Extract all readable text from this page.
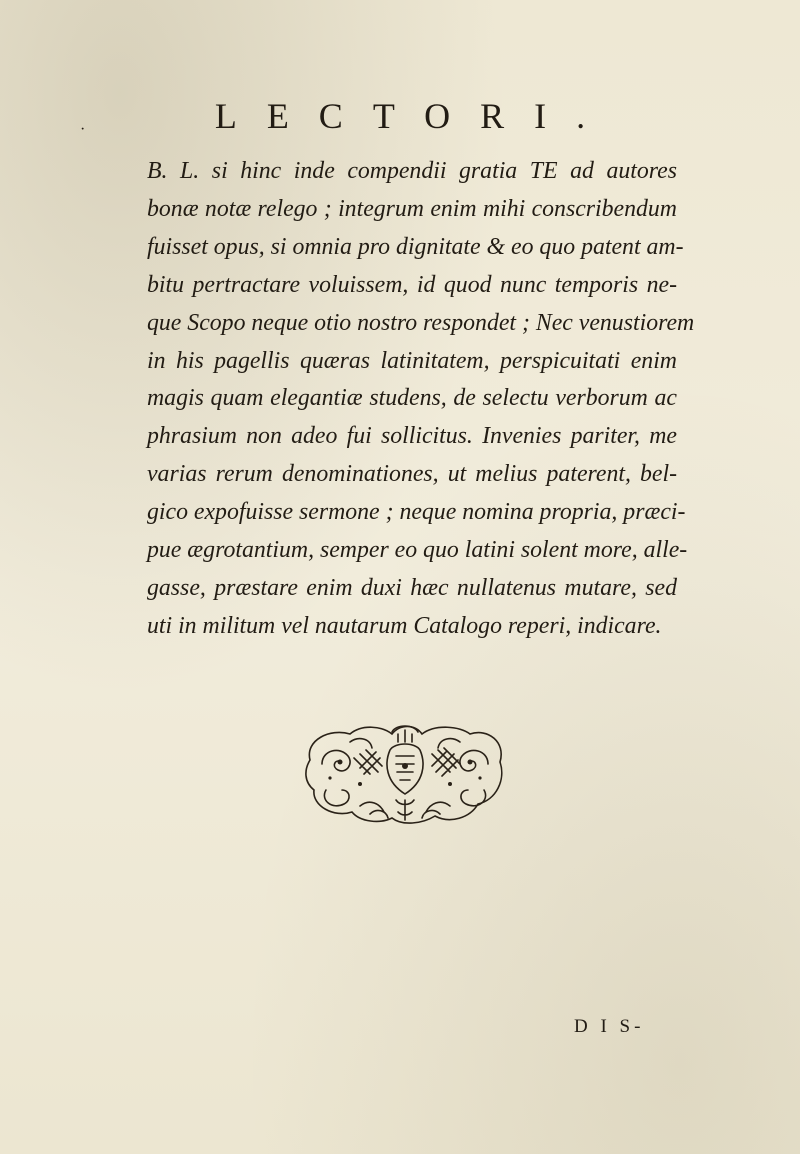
·	LECTORI.
B. L. si hinc inde compendii gratia TE ad autores
bonæ notæ relego ; integrum enim mihi conscribendum
fuisset opus, si omnia pro dignitate & eo quo patent am-
bitu pertractare voluissem, id quod nunc temporis ne-
que Scopo neque otio nostro respondet ; Nec venustiorem
in his pagellis quæras latinitatem, perspicuitati enim
magis quam elegantiæ studens, de selectu verborum ac
phrasium non adeo fui sollicitus. Invenies pariter, me
varias rerum denominationes, ut melius paterent, bel-
gico expofuisse sermone ; neque nomina propria, præci-
pue ægrotantium, semper eo quo latini solent more, alle-
gasse, præstare enim duxi hæc nullatenus mutare, sed
uti in militum vel nautarum Catalogo reperi, indicare.
D I S-
